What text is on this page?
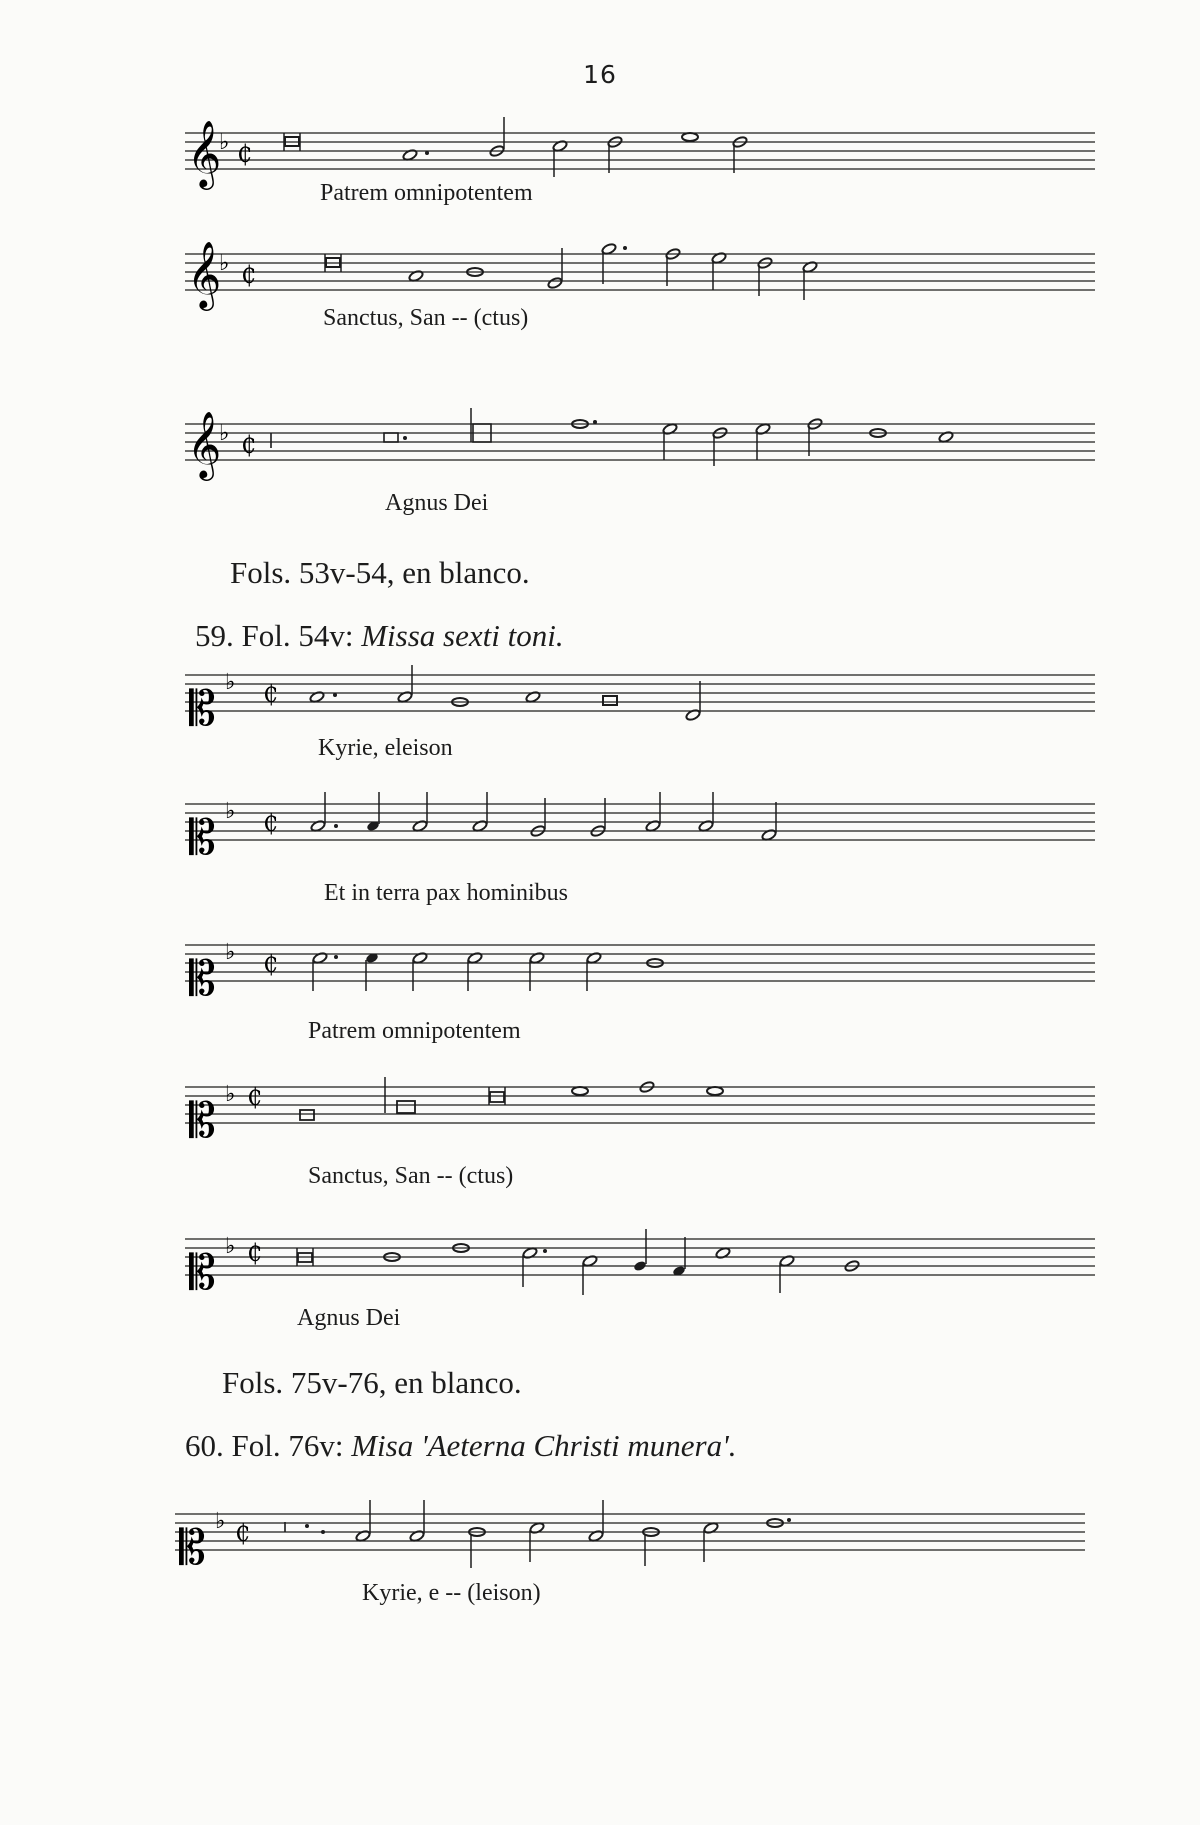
16
𝄞
♭ ₵
Patrem omnipotentem
𝄞
♭ ₵
Sanctus, San -- (ctus)
𝄞
♭ ₵
Agnus Dei
Fols. 53v-54, en blanco.
59. Fol. 54v: Missa sexti toni.
𝄡 ♭ ₵
Kyrie, eleison
𝄡 ♭ ₵
Et in terra pax hominibus
𝄡 ♭ ₵
Patrem omnipotentem
𝄡 ♭ ₵
Sanctus, San -- (ctus)
𝄡 ♭ ₵
Agnus Dei
Fols. 75v-76, en blanco.
60. Fol. 76v: Misa 'Aeterna Christi munera'.
𝄡 ♭ ₵
Kyrie, e -- (leison)
